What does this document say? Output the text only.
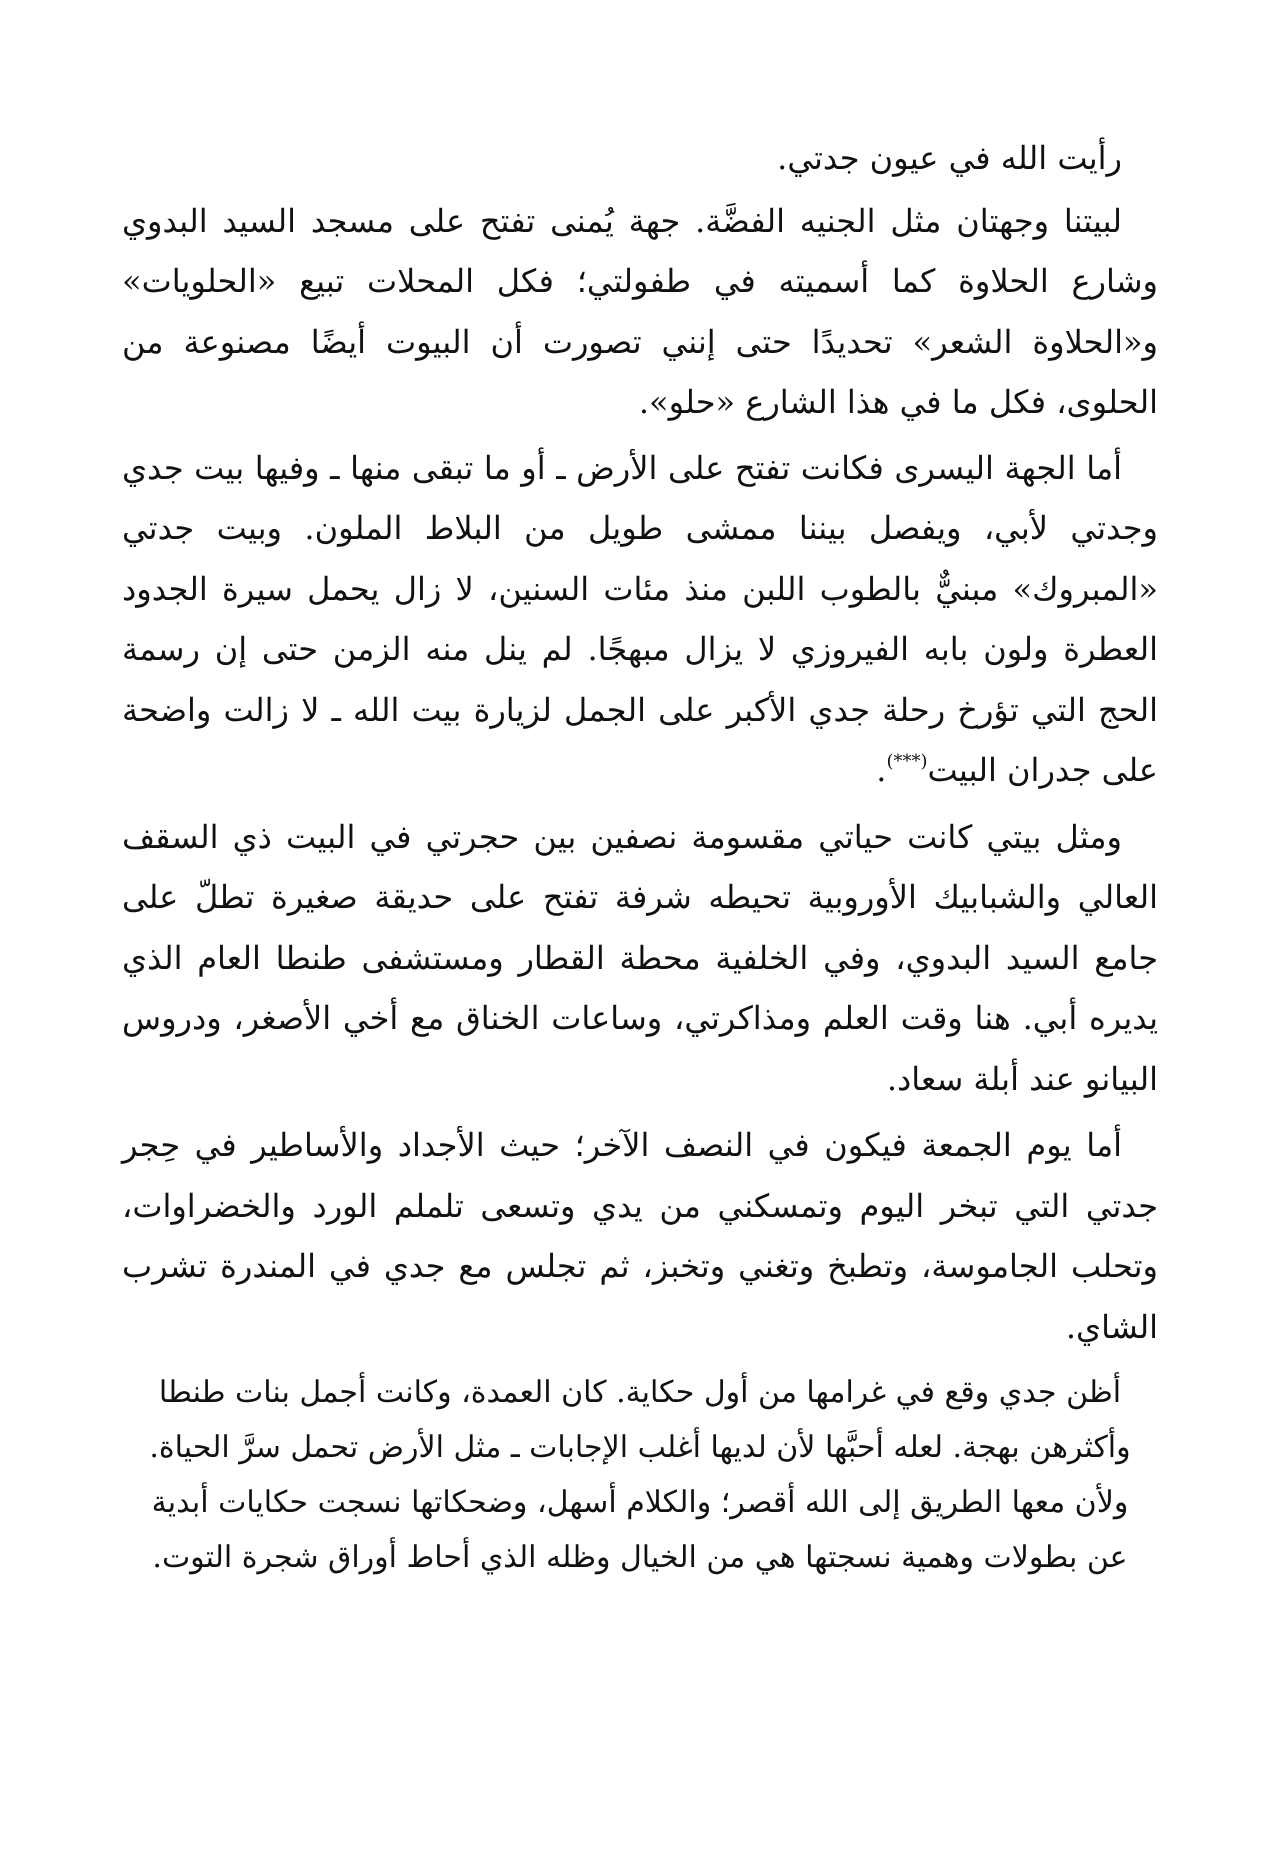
رأيت الله في عيون جدتي.

لبيتنا وجهتان مثل الجنيه الفضَّة. جهة يُمنى تفتح على مسجد السيد البدوي وشارع الحلاوة كما أسميته في طفولتي؛ فكل المحلات تبيع «الحلويات» و«الحلاوة الشعر» تحديدًا حتى إنني تصورت أن البيوت أيضًا مصنوعة من الحلوى، فكل ما في هذا الشارع «حلو».

أما الجهة اليسرى فكانت تفتح على الأرض ـ أو ما تبقى منها ـ وفيها بيت جدي وجدتي لأبي، ويفصل بيننا ممشى طويل من البلاط الملون. وبيت جدتي «المبروك» مبنيٌّ بالطوب اللبن منذ مئات السنين، لا زال يحمل سيرة الجدود العطرة ولون بابه الفيروزي لا يزال مبهجًا. لم ينل منه الزمن حتى إن رسمة الحج التي تؤرخ رحلة جدي الأكبر على الجمل لزيارة بيت الله ـ لا زالت واضحة على جدران البيت(***).

ومثل بيتي كانت حياتي مقسومة نصفين بين حجرتي في البيت ذي السقف العالي والشبابيك الأوروبية تحيطه شرفة تفتح على حديقة صغيرة تطلّ على جامع السيد البدوي، وفي الخلفية محطة القطار ومستشفى طنطا العام الذي يديره أبي. هنا وقت العلم ومذاكرتي، وساعات الخناق مع أخي الأصغر، ودروس البيانو عند أبلة سعاد.

أما يوم الجمعة فيكون في النصف الآخر؛ حيث الأجداد والأساطير في حِجر جدتي التي تبخر اليوم وتمسكني من يدي وتسعى تلملم الورد والخضراوات، وتحلب الجاموسة، وتطبخ وتغني وتخبز، ثم تجلس مع جدي في المندرة تشرب الشاي.

أظن جدي وقع في غرامها من أول حكاية. كان العمدة، وكانت أجمل بنات طنطا وأكثرهن بهجة. لعله أحبَّها لأن لديها أغلب الإجابات ـ مثل الأرض تحمل سرَّ الحياة. ولأن معها الطريق إلى الله أقصر؛ والكلام أسهل، وضحكاتها نسجت حكايات أبدية عن بطولات وهمية نسجتها هي من الخيال وظله الذي أحاط أوراق شجرة التوت.
